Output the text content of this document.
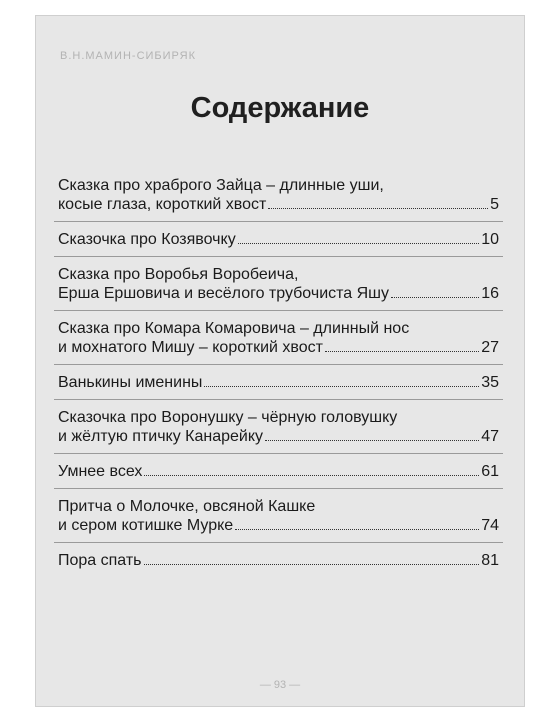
В.Н.МАМИН-СИБИРЯК
Содержание
Сказка про храброго Зайца – длинные уши,
косые глаза, короткий хвост	5
Сказочка про Козявочку	10
Сказка про Воробья Воробеича,
Ерша Ершовича и весёлого трубочиста Яшу	16
Сказка про Комара Комаровича – длинный нос
и мохнатого Мишу – короткий хвост	27
Ванькины именины	35
Сказочка про Воронушку – чёрную головушку
и жёлтую птичку Канарейку	47
Умнее всех	61
Притча о Молочке, овсяной Кашке
и сером котишке Мурке	74
Пора спать	81
— 93 —
